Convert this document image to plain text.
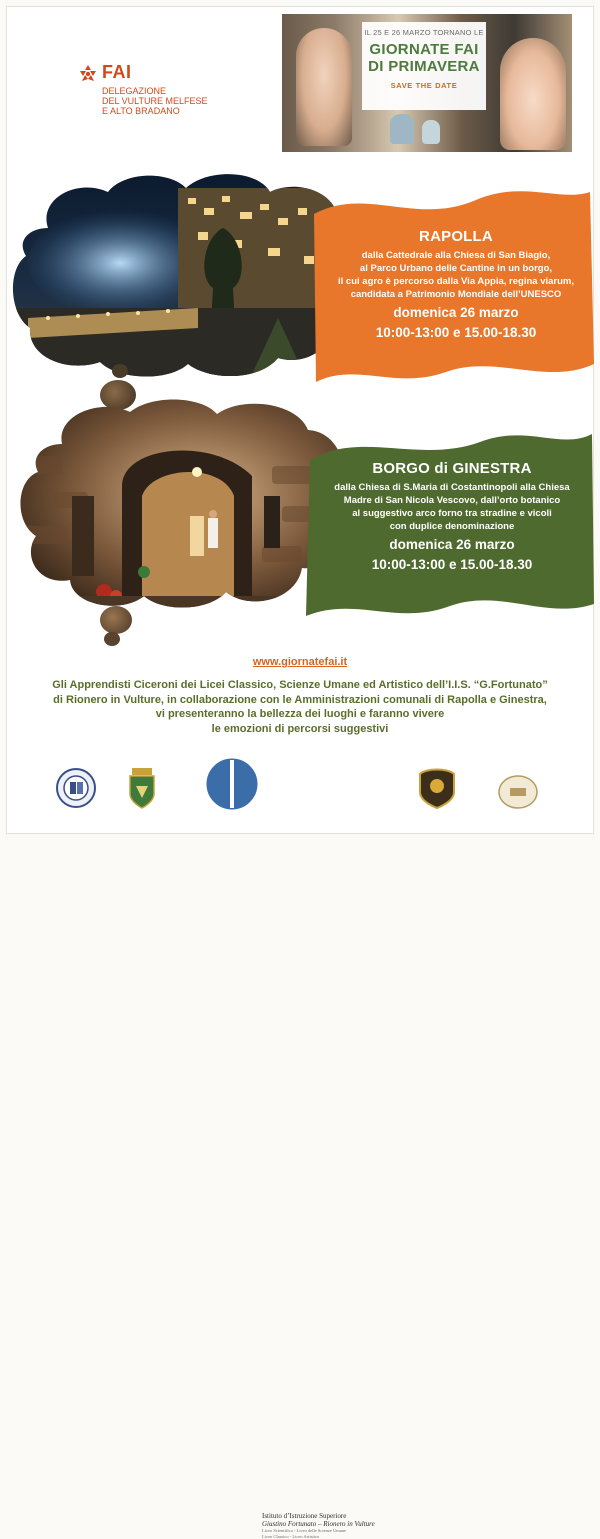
FAI
DELEGAZIONE
DEL VULTURE MELFESE
E ALTO BRADANO
IL 25 E 26 MARZO TORNANO LE
GIORNATE FAI
DI PRIMAVERA
SAVE THE DATE
RAPOLLA
dalla Cattedrale alla Chiesa di San Biagio,
al Parco Urbano delle Cantine in un borgo,
il cui agro è percorso dalla Via Appia, regina viarum,
candidata a Patrimonio Mondiale dell’UNESCO
domenica 26 marzo
10:00-13:00 e 15.00-18.30
BORGO di GINESTRA
dalla Chiesa di S.Maria di Costantinopoli alla Chiesa
Madre di San Nicola Vescovo, dall’orto botanico
al suggestivo arco forno tra stradine e vicoli
con duplice denominazione
domenica 26 marzo
10:00-13:00 e 15.00-18.30
www.giornatefai.it
Gli Apprendisti Ciceroni dei Licei Classico, Scienze Umane ed Artistico dell’I.I.S. “G.Fortunato”
di Rionero in Vulture, in collaborazione con le Amministrazioni comunali di Rapolla e Ginestra,
vi presenteranno la bellezza dei luoghi e faranno vivere
le emozioni di percorsi suggestivi
Istituto d’Istruzione Superiore
Giustino Fortunato – Rionero in Vulture
Liceo Scientifico - Liceo delle Scienze Umane
Liceo Classico - Liceo Artistico
